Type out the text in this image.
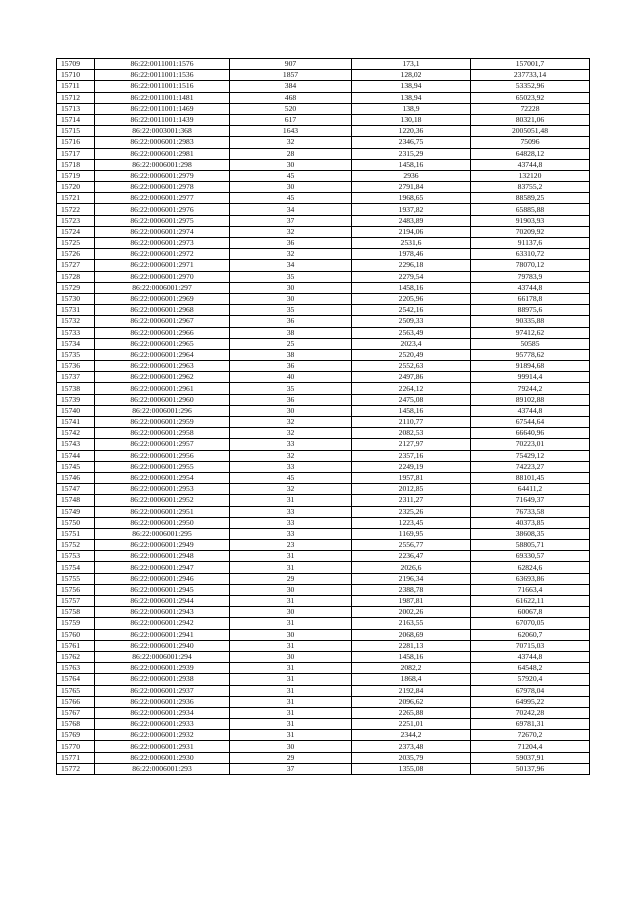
15709	86:22:0011001:1576	907	173,1	157001,7
15710	86:22:0011001:1536	1857	128,02	237733,14
15711	86:22:0011001:1516	384	138,94	53352,96
15712	86:22:0011001:1481	468	138,94	65023,92
15713	86:22:0011001:1469	520	138,9	72228
15714	86:22:0011001:1439	617	130,18	80321,06
15715	86:22:0003001:368	1643	1220,36	2005051,48
15716	86:22:0006001:2983	32	2346,75	75096
15717	86:22:0006001:2981	28	2315,29	64828,12
15718	86:22:0006001:298	30	1458,16	43744,8
15719	86:22:0006001:2979	45	2936	132120
15720	86:22:0006001:2978	30	2791,84	83755,2
15721	86:22:0006001:2977	45	1968,65	88589,25
15722	86:22:0006001:2976	34	1937,82	65885,88
15723	86:22:0006001:2975	37	2483,89	91903,93
15724	86:22:0006001:2974	32	2194,06	70209,92
15725	86:22:0006001:2973	36	2531,6	91137,6
15726	86:22:0006001:2972	32	1978,46	63310,72
15727	86:22:0006001:2971	34	2296,18	78070,12
15728	86:22:0006001:2970	35	2279,54	79783,9
15729	86:22:0006001:297	30	1458,16	43744,8
15730	86:22:0006001:2969	30	2205,96	66178,8
15731	86:22:0006001:2968	35	2542,16	88975,6
15732	86:22:0006001:2967	36	2509,33	90335,88
15733	86:22:0006001:2966	38	2563,49	97412,62
15734	86:22:0006001:2965	25	2023,4	50585
15735	86:22:0006001:2964	38	2520,49	95778,62
15736	86:22:0006001:2963	36	2552,63	91894,68
15737	86:22:0006001:2962	40	2497,86	99914,4
15738	86:22:0006001:2961	35	2264,12	79244,2
15739	86:22:0006001:2960	36	2475,08	89102,88
15740	86:22:0006001:296	30	1458,16	43744,8
15741	86:22:0006001:2959	32	2110,77	67544,64
15742	86:22:0006001:2958	32	2082,53	66640,96
15743	86:22:0006001:2957	33	2127,97	70223,01
15744	86:22:0006001:2956	32	2357,16	75429,12
15745	86:22:0006001:2955	33	2249,19	74223,27
15746	86:22:0006001:2954	45	1957,81	88101,45
15747	86:22:0006001:2953	32	2012,85	64411,2
15748	86:22:0006001:2952	31	2311,27	71649,37
15749	86:22:0006001:2951	33	2325,26	76733,58
15750	86:22:0006001:2950	33	1223,45	40373,85
15751	86:22:0006001:295	33	1169,95	38608,35
15752	86:22:0006001:2949	23	2556,77	58805,71
15753	86:22:0006001:2948	31	2236,47	69330,57
15754	86:22:0006001:2947	31	2026,6	62824,6
15755	86:22:0006001:2946	29	2196,34	63693,86
15756	86:22:0006001:2945	30	2388,78	71663,4
15757	86:22:0006001:2944	31	1987,81	61622,11
15758	86:22:0006001:2943	30	2002,26	60067,8
15759	86:22:0006001:2942	31	2163,55	67070,05
15760	86:22:0006001:2941	30	2068,69	62060,7
15761	86:22:0006001:2940	31	2281,13	70715,03
15762	86:22:0006001:294	30	1458,16	43744,8
15763	86:22:0006001:2939	31	2082,2	64548,2
15764	86:22:0006001:2938	31	1868,4	57920,4
15765	86:22:0006001:2937	31	2192,84	67978,04
15766	86:22:0006001:2936	31	2096,62	64995,22
15767	86:22:0006001:2934	31	2265,88	70242,28
15768	86:22:0006001:2933	31	2251,01	69781,31
15769	86:22:0006001:2932	31	2344,2	72670,2
15770	86:22:0006001:2931	30	2373,48	71204,4
15771	86:22:0006001:2930	29	2035,79	59037,91
15772	86:22:0006001:293	37	1355,08	50137,96
